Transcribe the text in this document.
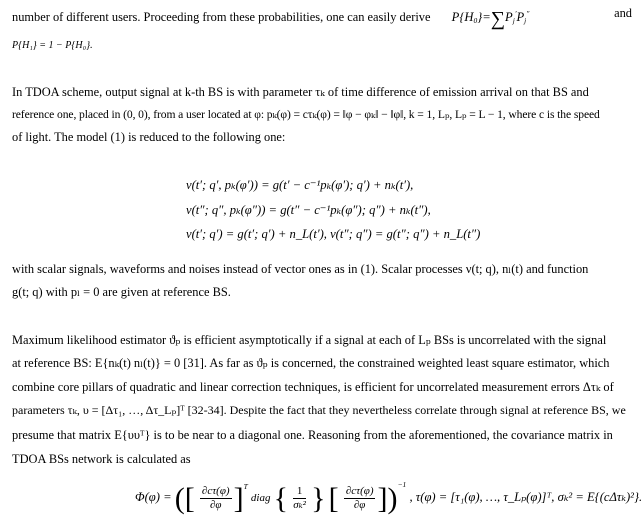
number of different users. Proceeding from these probabilities, one can easily derive $P\{H_0\}=\sum P_j'P_j''$	and
P{H₁} = 1 − P{H₀}.
In TDOA scheme, output signal at k-th BS is with parameter τₖ of time difference of emission arrival on that BS and
reference one, placed in (0, 0), from a user located at φ: pₖ(φ) = cτₖ(φ) = ‖φ − φₖ‖ − ‖φ‖, k = 1, Lₚ, Lₚ = L − 1, where c is the speed
of light. The model (1) is reduced to the following one:
ν(t′; q′, pₖ(φ′)) = g(t′ − c⁻¹pₖ(φ′); q′) + nₖ(t′),
ν(t″; q″, pₖ(φ″)) = g(t″ − c⁻¹pₖ(φ″); q″) + nₖ(t″),
ν(t′; q′) = g(t′; q′) + n_L(t′), ν(t″; q″) = g(t″; q″) + n_L(t″)
with scalar signals, waveforms and noises instead of vector ones as in (1). Scalar processes ν(t; q), nₗ(t) and function
g(t; q) with pₗ = 0 are given at reference BS.
Maximum likelihood estimator ϑₚ is efficient asymptotically if a signal at each of Lₚ BSs is uncorrelated with the signal
at reference BS: E{nₖ(t) nₗ(t)} = 0 [31]. As far as ϑₚ is concerned, the constrained weighted least square estimator, which
combine core pillars of quadratic and linear correction techniques, is efficient for uncorrelated measurement errors Δτₖ of
parameters τₖ, υ = [Δτ₁, …, Δτ_Lₚ]ᵀ [32-34]. Despite the fact that they nevertheless correlate through signal at reference BS, we
presume that matrix E{υυᵀ} is to be near to a diagonal one. Reasoning from the aforementioned, the covariance matrix in
TDOA BSs network is calculated as
Φ(φ) = ([ $\frac{\partial c\tau(\varphi)}{\partial\varphi} ]^T$ diag { $\frac{1}{\text{σₖ²}}$ } [ $\frac{\partial c\tau(\varphi)}{\partial\varphi} ])^{-1}$ , τ(φ) = [τ₁(φ), …, τ_Lₚ(φ)]ᵀ, σₖ² = E{(cΔτₖ)²}.
